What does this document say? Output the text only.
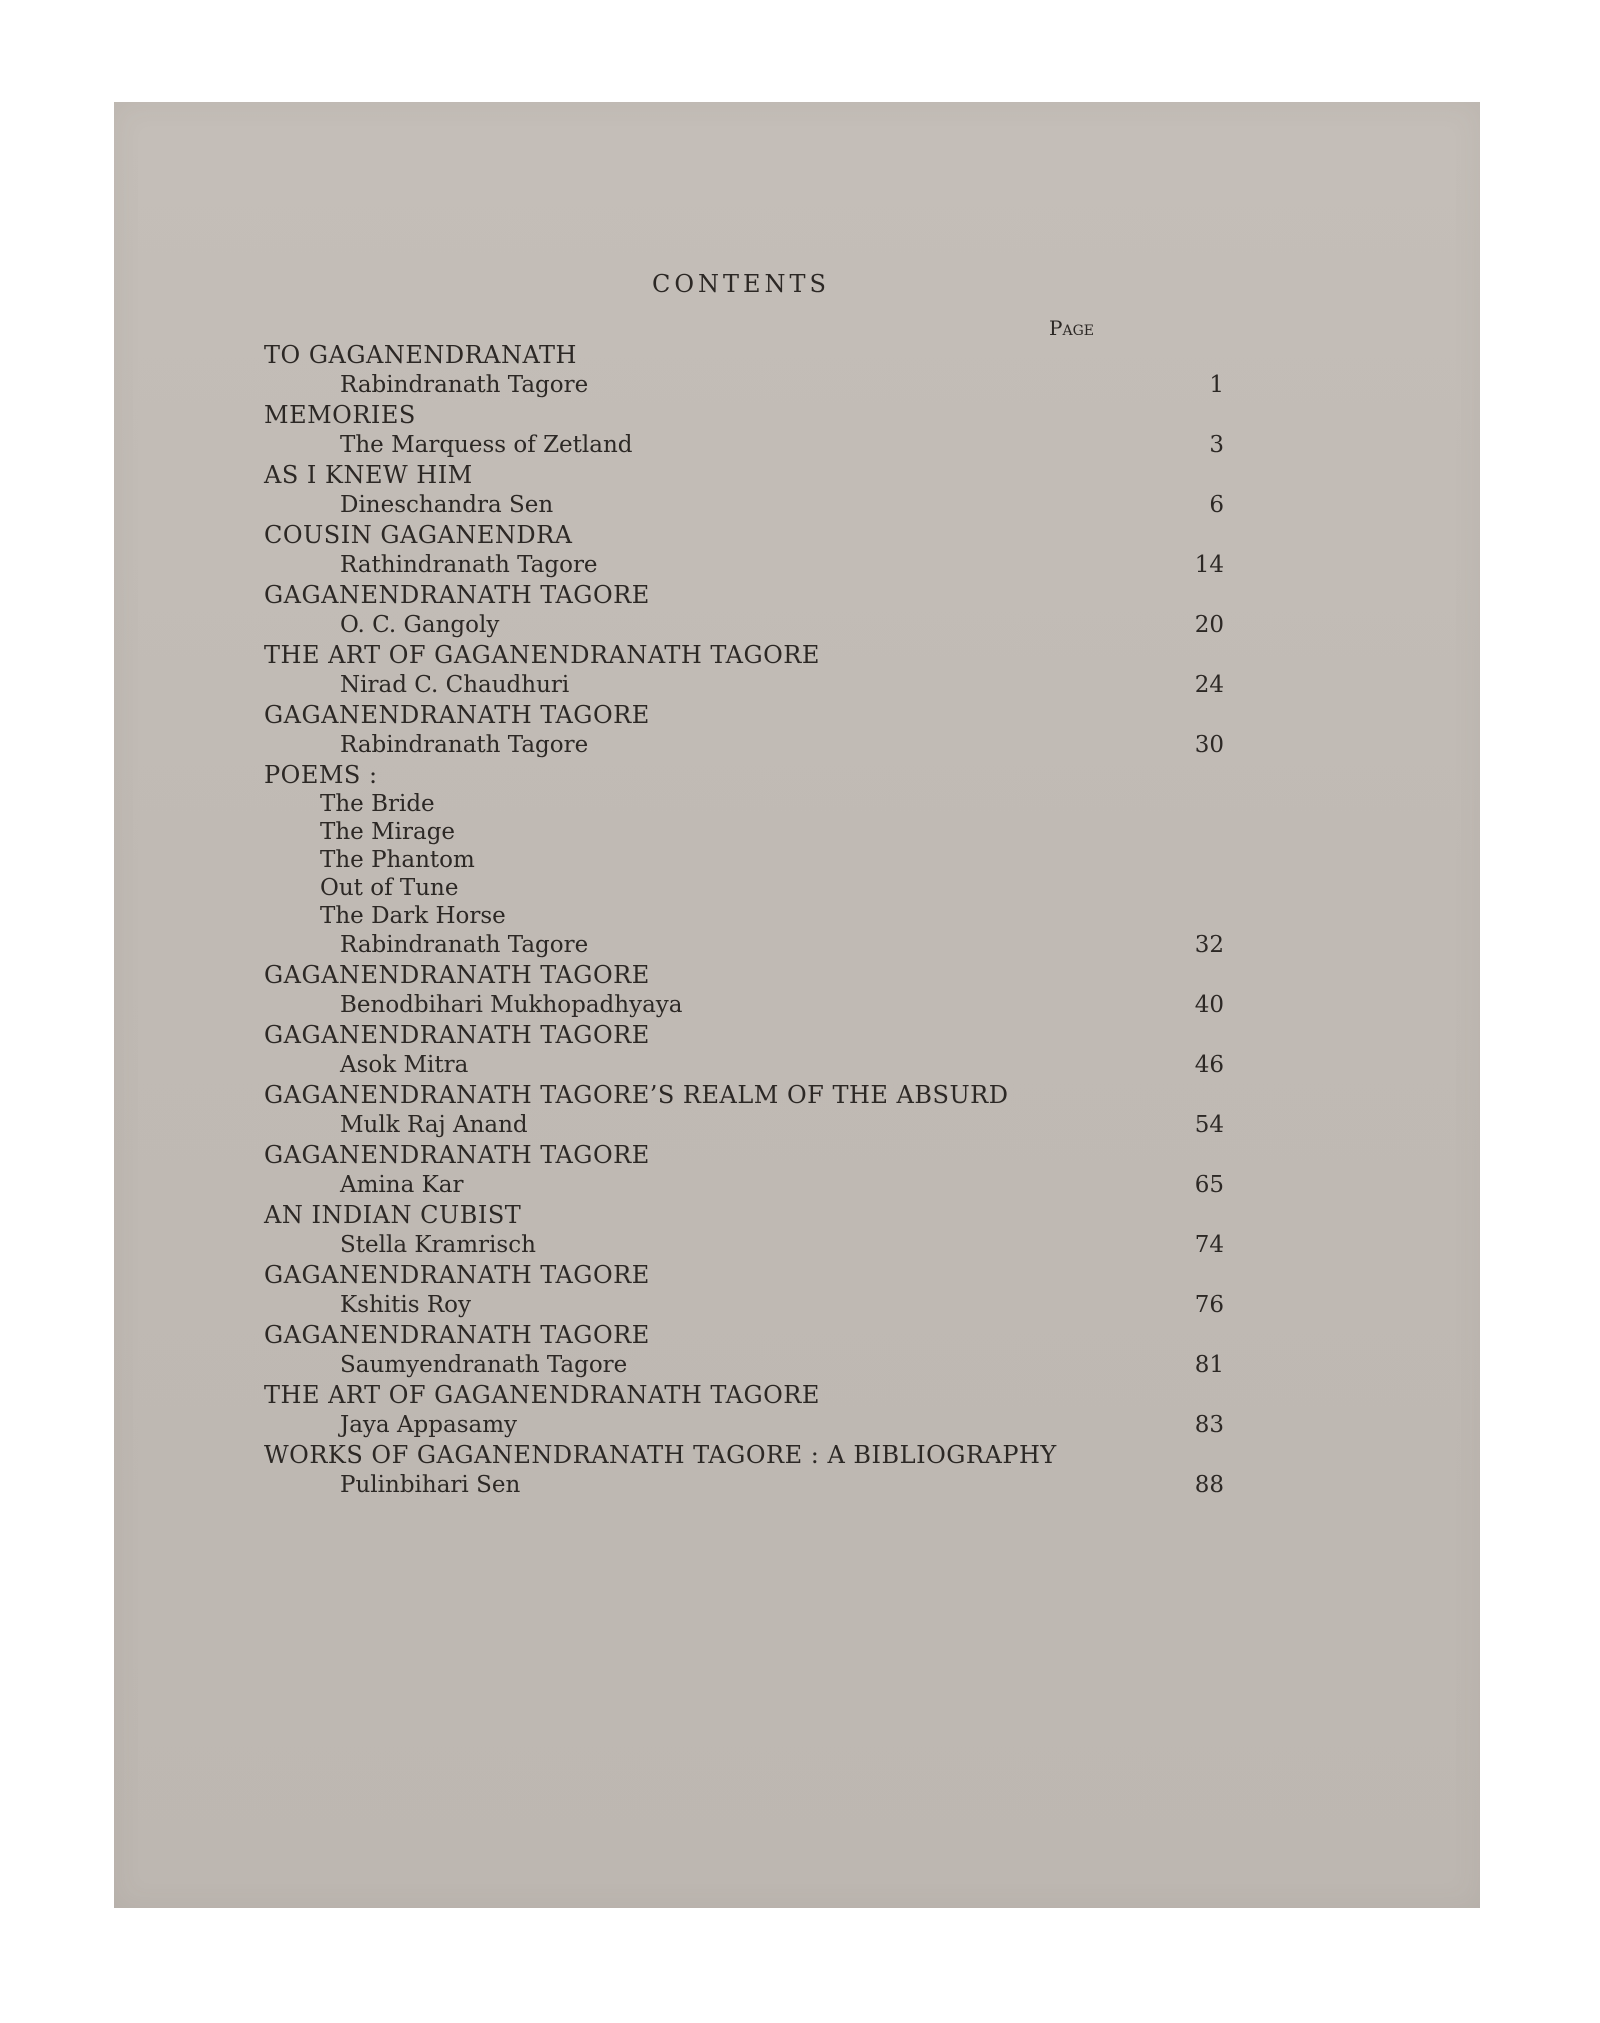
CONTENTS
Page
TO GAGANENDRANATH
Rabindranath Tagore	1
MEMORIES
The Marquess of Zetland	3
AS I KNEW HIM
Dineschandra Sen	6
COUSIN GAGANENDRA
Rathindranath Tagore	14
GAGANENDRANATH TAGORE
O. C. Gangoly	20
THE ART OF GAGANENDRANATH TAGORE
Nirad C. Chaudhuri	24
GAGANENDRANATH TAGORE
Rabindranath Tagore	30
POEMS :
The Bride
The Mirage
The Phantom
Out of Tune
The Dark Horse
Rabindranath Tagore	32
GAGANENDRANATH TAGORE
Benodbihari Mukhopadhyaya	40
GAGANENDRANATH TAGORE
Asok Mitra	46
GAGANENDRANATH TAGORE’S REALM OF THE ABSURD
Mulk Raj Anand	54
GAGANENDRANATH TAGORE
Amina Kar	65
AN INDIAN CUBIST
Stella Kramrisch	74
GAGANENDRANATH TAGORE
Kshitis Roy	76
GAGANENDRANATH TAGORE
Saumyendranath Tagore	81
THE ART OF GAGANENDRANATH TAGORE
Jaya Appasamy	83
WORKS OF GAGANENDRANATH TAGORE : A BIBLIOGRAPHY
Pulinbihari Sen	88
